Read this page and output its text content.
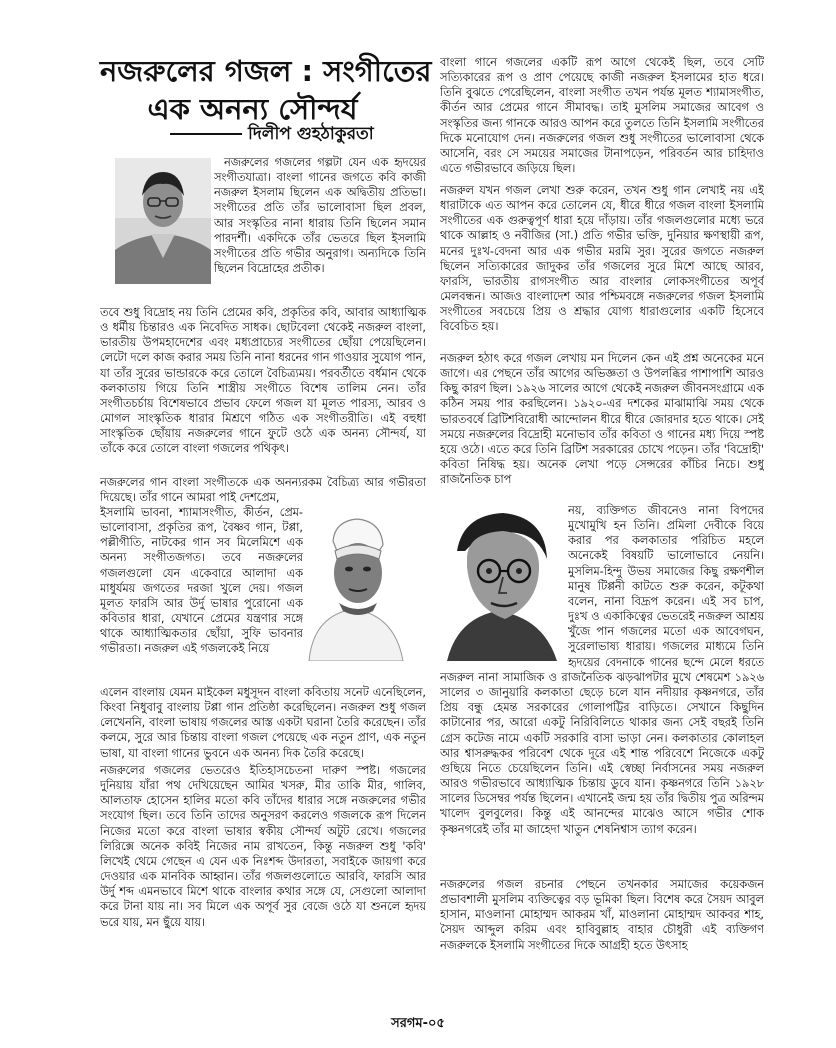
নজরুলের গজল : সংগীতের
এক অনন্য সৌন্দর্য
দিলীপ গুহঠাকুরতা

নজরুলের গজলের গল্পটা যেন এক হৃদয়ের সংগীতযাত্রা। বাংলা গানের জগতে কবি কাজী নজরুল ইসলাম ছিলেন এক অদ্বিতীয় প্রতিভা। সংগীতের প্রতি তাঁর ভালোবাসা ছিল প্রবল, আর সংস্কৃতির নানা ধারায় তিনি ছিলেন সমান পারদর্শী। একদিকে তাঁর ভেতরে ছিল ইসলামি সংগীতের প্রতি গভীর অনুরাগ। অন্যদিকে তিনি ছিলেন বিদ্রোহের প্রতীক।

তবে শুধু বিদ্রোহ নয় তিনি প্রেমের কবি, প্রকৃতির কবি, আবার আধ্যাত্মিক ও ধর্মীয় চিন্তারও এক নিবেদিত সাধক। ছোটবেলা থেকেই নজরুল বাংলা, ভারতীয় উপমহাদেশের এবং মধ্যপ্রাচ্যের সংগীতের ছোঁয়া পেয়েছিলেন। লেটো দলে কাজ করার সময় তিনি নানা ধরনের গান গাওয়ার সুযোগ পান, যা তাঁর সুরের ভান্ডারকে করে তোলে বৈচিত্র্যময়। পরবর্তীতে বর্ধমান থেকে কলকাতায় গিয়ে তিনি শাস্ত্রীয় সংগীতে বিশেষ তালিম নেন। তাঁর সংগীতচর্চায় বিশেষভাবে প্রভাব ফেলে গজল যা মূলত পারস্য, আরব ও মোগল সাংস্কৃতিক ধারার মিশ্রণে গঠিত এক সংগীতরীতি। এই বহুধা সাংস্কৃতিক ছোঁয়ায় নজরুলের গানে ফুটে ওঠে এক অনন্য সৌন্দর্য, যা তাঁকে করে তোলে বাংলা গজলের পথিকৃৎ।

নজরুলের গান বাংলা সংগীতকে এক অনন্যরকম বৈচিত্র্য আর গভীরতা দিয়েছে। তাঁর গানে আমরা পাই দেশপ্রেম,

ইসলামি ভাবনা, শ্যামাসংগীত, কীর্তন, প্রেম-ভালোবাসা, প্রকৃতির রূপ, বৈষ্ণব গান, টপ্পা, পল্লীগীতি, নাটকের গান সব মিলেমিশে এক অনন্য সংগীতজগত। তবে নজরুলের গজলগুলো যেন একেবারে আলাদা এক মাধুর্যময় জগতের দরজা খুলে দেয়। গজল মূলত ফারসি আর উর্দু ভাষার পুরোনো এক কবিতার ধারা, যেখানে প্রেমের যন্ত্রণার সঙ্গে থাকে আধ্যাত্মিকতার ছোঁয়া, সুফি ভাবনার গভীরতা। নজরুল এই গজলকেই নিয়ে

এলেন বাংলায় যেমন মাইকেল মধুসূদন বাংলা কবিতায় সনেট এনেছিলেন, কিংবা নিধুবাবু বাংলায় টপ্পা গান প্রতিষ্ঠা করেছিলেন। নজরুল শুধু গজল লেখেননি, বাংলা ভাষায় গজলের আস্ত একটা ঘরানা তৈরি করেছেন। তাঁর কলমে, সুরে আর চিন্তায় বাংলা গজল পেয়েছে এক নতুন প্রাণ, এক নতুন ভাষা, যা বাংলা গানের ভুবনে এক অনন্য দিক তৈরি করেছে।

নজরুলের গজলের ভেতরেও ইতিহাসচেতনা দারুণ স্পষ্ট। গজলের দুনিয়ায় যাঁরা পথ দেখিয়েছেন আমির খসরু, মীর তাকি মীর, গালিব, আলতাফ হোসেন হালির মতো কবি তাঁদের ধারার সঙ্গে নজরুলের গভীর সংযোগ ছিল। তবে তিনি তাদের অনুসরণ করলেও গজলকে রূপ দিলেন নিজের মতো করে বাংলা ভাষার স্বকীয় সৌন্দর্য অটুট রেখে। গজলের লিরিক্সে অনেক কবিই নিজের নাম রাখতেন, কিন্তু নজরুল শুধু 'কবি' লিখেই থেমে গেছেন এ যেন এক নিঃশব্দ উদারতা, সবাইকে জায়গা করে দেওয়ার এক মানবিক আহ্বান। তাঁর গজলগুলোতে আরবি, ফারসি আর উর্দু শব্দ এমনভাবে মিশে থাকে বাংলার কথার সঙ্গে যে, সেগুলো আলাদা করে টানা যায় না। সব মিলে এক অপূর্ব সুর বেজে ওঠে যা শুনলে হৃদয় ভরে যায়, মন ছুঁয়ে যায়।

বাংলা গানে গজলের একটি রূপ আগে থেকেই ছিল, তবে সেটি সত্যিকারের রূপ ও প্রাণ পেয়েছে কাজী নজরুল ইসলামের হাত ধরে। তিনি বুঝতে পেরেছিলেন, বাংলা সংগীত তখন পর্যন্ত মূলত শ্যামাসংগীত, কীর্তন আর প্রেমের গানে সীমাবদ্ধ। তাই মুসলিম সমাজের আবেগ ও সংস্কৃতির জন্য গানকে আরও আপন করে তুলতে তিনি ইসলামি সংগীতের দিকে মনোযোগ দেন। নজরুলের গজল শুধু সংগীতের ভালোবাসা থেকে আসেনি, বরং সে সময়ের সমাজের টানাপড়েন, পরিবর্তন আর চাহিদাও এতে গভীরভাবে জড়িয়ে ছিল।

নজরুল যখন গজল লেখা শুরু করেন, তখন শুধু গান লেখাই নয় এই ধারাটাকে এত আপন করে তোলেন যে, ধীরে ধীরে গজল বাংলা ইসলামি সংগীতের এক গুরুত্বপূর্ণ ধারা হয়ে দাঁড়ায়। তাঁর গজলগুলোর মধ্যে ভরে থাকে আল্লাহ ও নবীজির (সা.) প্রতি গভীর ভক্তি, দুনিয়ার ক্ষণস্থায়ী রূপ, মনের দুঃখ-বেদনা আর এক গভীর মরমি সুর। সুরের জগতে নজরুল ছিলেন সত্যিকারের জাদুকর তাঁর গজলের সুরে মিশে আছে আরব, ফারসি, ভারতীয় রাগসংগীত আর বাংলার লোকসংগীতের অপূর্ব মেলবন্ধন। আজও বাংলাদেশ আর পশ্চিমবঙ্গে নজরুলের গজল ইসলামি সংগীতের সবচেয়ে প্রিয় ও শ্রদ্ধার যোগ্য ধারাগুলোর একটি হিসেবে বিবেচিত হয়।

নজরুল হঠাৎ করে গজল লেখায় মন দিলেন কেন এই প্রশ্ন অনেকের মনে জাগে। এর পেছনে তাঁর আগের অভিজ্ঞতা ও উপলব্ধির পাশাপাশি আরও কিছু কারণ ছিল। ১৯২৬ সালের আগে থেকেই নজরুল জীবনসংগ্রামে এক কঠিন সময় পার করছিলেন। ১৯২০-এর দশকের মাঝামাঝি সময় থেকে ভারতবর্ষে ব্রিটিশবিরোধী আন্দোলন ধীরে ধীরে জোরদার হতে থাকে। সেই সময়ে নজরুলের বিদ্রোহী মনোভাব তাঁর কবিতা ও গানের মধ্য দিয়ে স্পষ্ট হয়ে ওঠে। এতে করে তিনি ব্রিটিশ সরকারের চোখে পড়েন। তাঁর 'বিদ্রোহী' কবিতা নিষিদ্ধ হয়। অনেক লেখা পড়ে সেন্সরের কাঁচির নিচে। শুধু রাজনৈতিক চাপ

নয়, ব্যক্তিগত জীবনেও নানা বিপদের মুখোমুখি হন তিনি। প্রমিলা দেবীকে বিয়ে করার পর কলকাতার পরিচিত মহলে অনেকেই বিষয়টি ভালোভাবে নেয়নি। মুসলিম-হিন্দু উভয় সমাজের কিছু রক্ষণশীল মানুষ টিপ্পনী কাটতে শুরু করেন, কটূকথা বলেন, নানা বিদ্রূপ করেন। এই সব চাপ, দুঃখ ও একাকিত্বের ভেতরেই নজরুল আশ্রয় খুঁজে পান গজলের মতো এক আবেগঘন, সুরেলাভাষ্য ধারায়। গজলের মাধ্যমে তিনি হৃদয়ের বেদনাকে গানের ছন্দে মেলে ধরতে

নজরুল নানা সামাজিক ও রাজনৈতিক ঝড়ঝাপটার মুখে শেষমেশ ১৯২৬ সালের ৩ জানুয়ারি কলকাতা ছেড়ে চলে যান নদীয়ার কৃষ্ণনগরে, তাঁর প্রিয় বন্ধু হেমন্ত সরকারের গোলাপট্টির বাড়িতে। সেখানে কিছুদিন কাটানোর পর, আরো একটু নিরিবিলিতে থাকার জন্য সেই বছরই তিনি গ্রেস কটেজ নামে একটি সরকারি বাসা ভাড়া নেন। কলকাতার কোলাহল আর শ্বাসরুদ্ধকর পরিবেশ থেকে দূরে এই শান্ত পরিবেশে নিজেকে একটু গুছিয়ে নিতে চেয়েছিলেন তিনি। এই স্বেচ্ছা নির্বাসনের সময় নজরুল আরও গভীরভাবে আধ্যাত্মিক চিন্তায় ডুবে যান। কৃষ্ণনগরে তিনি ১৯২৮ সালের ডিসেম্বর পর্যন্ত ছিলেন। এখানেই জন্ম হয় তাঁর দ্বিতীয় পুত্র অরিন্দম খালেদ বুলবুলের। কিন্তু এই আনন্দের মাঝেও আসে গভীর শোক কৃষ্ণনগরেই তাঁর মা জাহেদা খাতুন শেষনিশ্বাস ত্যাগ করেন।

নজরুলের গজল রচনার পেছনে তখনকার সমাজের কয়েকজন প্রভাবশালী মুসলিম ব্যক্তিত্বের বড় ভূমিকা ছিল। বিশেষ করে সৈয়দ আবুল হাসান, মাওলানা মোহাম্মদ আকরম খাঁ, মাওলানা মোহাম্মদ আকবর শাহ, সৈয়দ আব্দুল করিম এবং হাবিবুল্লাহ বাহার চৌধুরী এই ব্যক্তিগণ নজরুলকে ইসলামি সংগীতের দিকে আগ্রহী হতে উৎসাহ

সরগম-০৫
